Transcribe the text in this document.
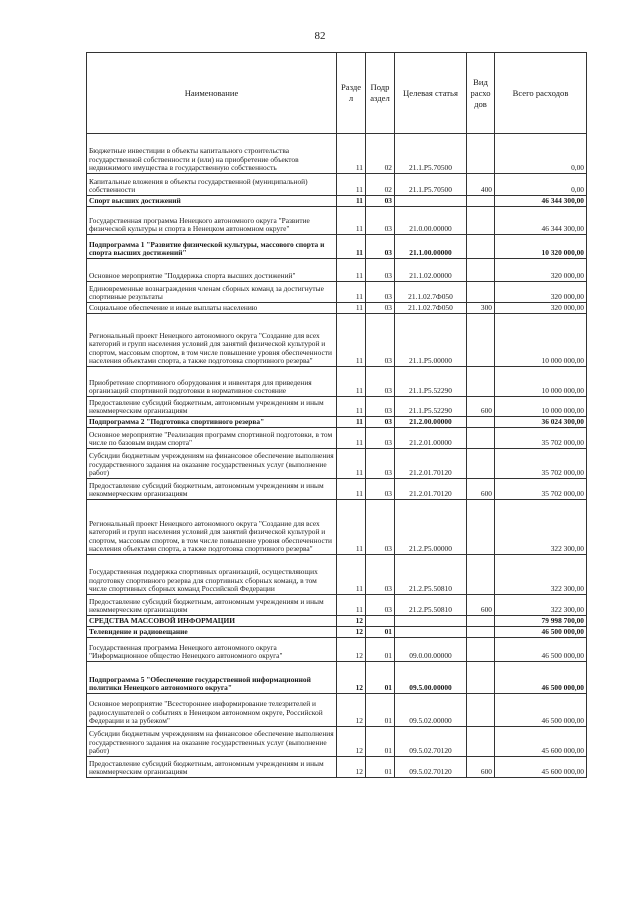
82
Наименование	Разде л	Подр аздел	Целевая статья	Вид расхо дов	Всего расходов
Бюджетные инвестиции в объекты капитального строительства государственной собственности и (или) на приобретение объектов недвижимого имущества в государственную собственность	11	02	21.1.P5.70500		0,00
Капитальные вложения в объекты государственной (муниципальной) собственности	11	02	21.1.P5.70500	400	0,00
Спорт высших достижений	11	03			46 344 300,00
Государственная программа Ненецкого автономного округа "Развитие физической культуры и спорта в Ненецком автономном округе"	11	03	21.0.00.00000		46 344 300,00
Подпрограмма 1 "Развитие физической культуры, массового спорта и спорта высших достижений"	11	03	21.1.00.00000		10 320 000,00
Основное мероприятие "Поддержка спорта высших достижений"	11	03	21.1.02.00000		320 000,00
Единовременные вознаграждения членам сборных команд за достигнутые спортивные результаты	11	03	21.1.02.7Ф050		320 000,00
Социальное обеспечение и иные выплаты населению	11	03	21.1.02.7Ф050	300	320 000,00
Региональный проект Ненецкого автономного округа "Создание для всех категорий и групп населения условий для занятий физической культурой и спортом, массовым спортом, в том числе повышение уровня обеспеченности населения объектами спорта, а также подготовка спортивного резерва"	11	03	21.1.P5.00000		10 000 000,00
Приобретение спортивного оборудования и инвентаря для приведения организаций спортивной подготовки в нормативное состояние	11	03	21.1.P5.52290		10 000 000,00
Предоставление субсидий бюджетным, автономным учреждениям и иным некоммерческим организациям	11	03	21.1.P5.52290	600	10 000 000,00
Подпрограмма 2 "Подготовка спортивного резерва"	11	03	21.2.00.00000		36 024 300,00
Основное мероприятие "Реализация программ спортивной подготовки, в том числе по базовым видам спорта"	11	03	21.2.01.00000		35 702 000,00
Субсидии бюджетным учреждениям на финансовое обеспечение выполнения государственного задания на оказание государственных услуг (выполнение работ)	11	03	21.2.01.70120		35 702 000,00
Предоставление субсидий бюджетным, автономным учреждениям и иным некоммерческим организациям	11	03	21.2.01.70120	600	35 702 000,00
Региональный проект Ненецкого автономного округа "Создание для всех категорий и групп населения условий для занятий физической культурой и спортом, массовым спортом, в том числе повышение уровня обеспеченности населения объектами спорта, а также подготовка спортивного резерва"	11	03	21.2.P5.00000		322 300,00
Государственная поддержка спортивных организаций, осуществляющих подготовку спортивного резерва для спортивных сборных команд, в том числе спортивных сборных команд Российской Федерации	11	03	21.2.P5.50810		322 300,00
Предоставление субсидий бюджетным, автономным учреждениям и иным некоммерческим организациям	11	03	21.2.P5.50810	600	322 300,00
СРЕДСТВА МАССОВОЙ ИНФОРМАЦИИ	12				79 998 700,00
Телевидение и радиовещание	12	01			46 500 000,00
Государственная программа Ненецкого автономного округа "Информационное общество Ненецкого автономного округа"	12	01	09.0.00.00000		46 500 000,00
Подпрограмма 5 "Обеспечение государственной информационной политики Ненецкого автономного округа"	12	01	09.5.00.00000		46 500 000,00
Основное мероприятие "Всестороннее информирование телезрителей и радиослушателей о событиях в Ненецком автономном округе, Российской Федерации и за рубежом"	12	01	09.5.02.00000		46 500 000,00
Субсидии бюджетным учреждениям на финансовое обеспечение выполнения государственного задания на оказание государственных услуг (выполнение работ)	12	01	09.5.02.70120		45 600 000,00
Предоставление субсидий бюджетным, автономным учреждениям и иным некоммерческим организациям	12	01	09.5.02.70120	600	45 600 000,00
